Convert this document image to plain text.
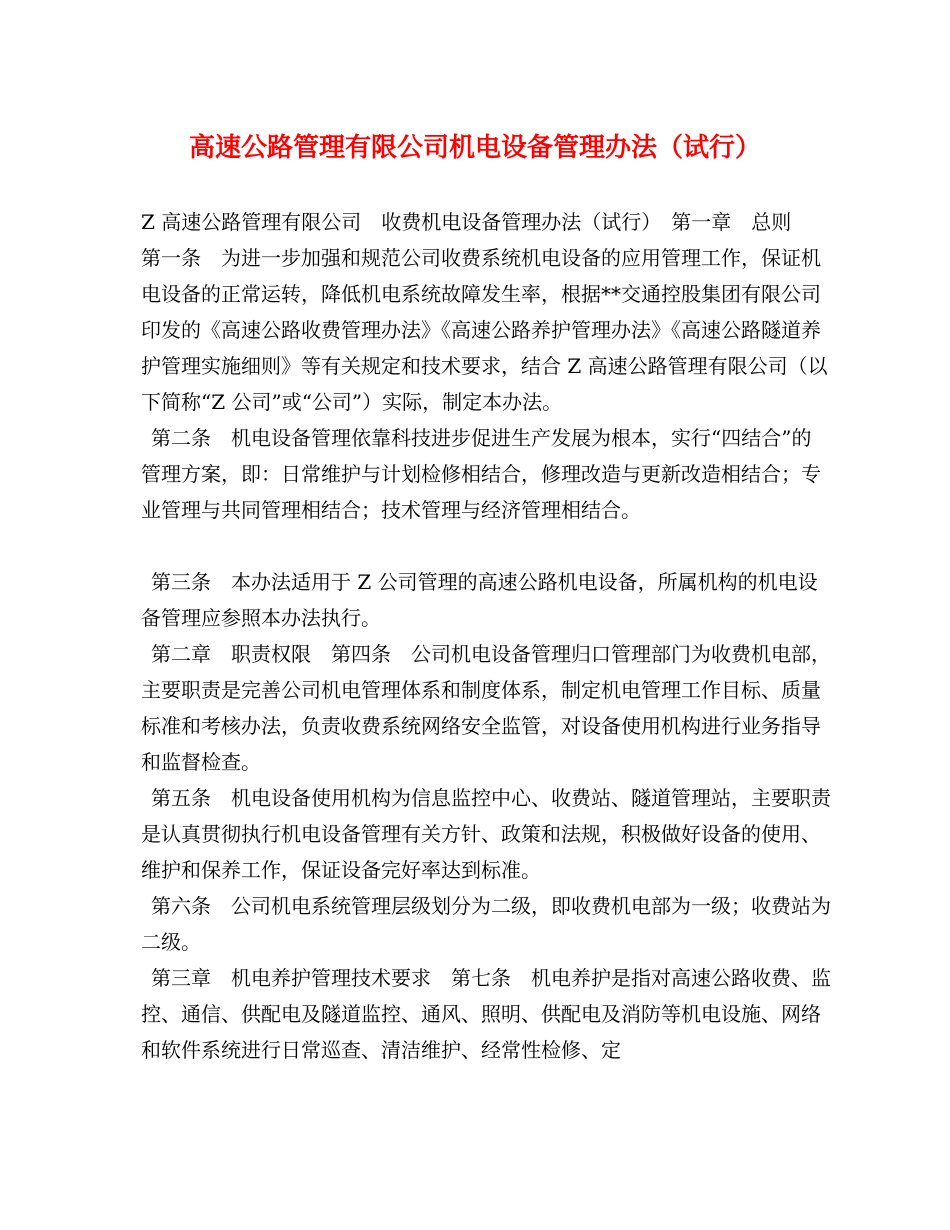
高速公路管理有限公司机电设备管理办法（试行）

Z 高速公路管理有限公司　收费机电设备管理办法（试行）　第一章　总则　第一条　为进一步加强和规范公司收费系统机电设备的应用管理工作，保证机电设备的正常运转，降低机电系统故障发生率，根据**交通控股集团有限公司印发的《高速公路收费管理办法》《高速公路养护管理办法》《高速公路隧道养护管理实施细则》等有关规定和技术要求，结合 Z 高速公路管理有限公司（以下简称“Z 公司”或“公司”）实际，制定本办法。

第二条　机电设备管理依靠科技进步促进生产发展为根本，实行“四结合”的管理方案，即：日常维护与计划检修相结合，修理改造与更新改造相结合；专业管理与共同管理相结合；技术管理与经济管理相结合。

第三条　本办法适用于 Z 公司管理的高速公路机电设备，所属机构的机电设备管理应参照本办法执行。

第二章　职责权限　第四条　公司机电设备管理归口管理部门为收费机电部，主要职责是完善公司机电管理体系和制度体系，制定机电管理工作目标、质量标准和考核办法，负责收费系统网络安全监管，对设备使用机构进行业务指导和监督检查。

第五条　机电设备使用机构为信息监控中心、收费站、隧道管理站，主要职责是认真贯彻执行机电设备管理有关方针、政策和法规，积极做好设备的使用、维护和保养工作，保证设备完好率达到标准。

第六条　公司机电系统管理层级划分为二级，即收费机电部为一级；收费站为二级。

第三章　机电养护管理技术要求　第七条　机电养护是指对高速公路收费、监控、通信、供配电及隧道监控、通风、照明、供配电及消防等机电设施、网络和软件系统进行日常巡查、清洁维护、经常性检修、定
